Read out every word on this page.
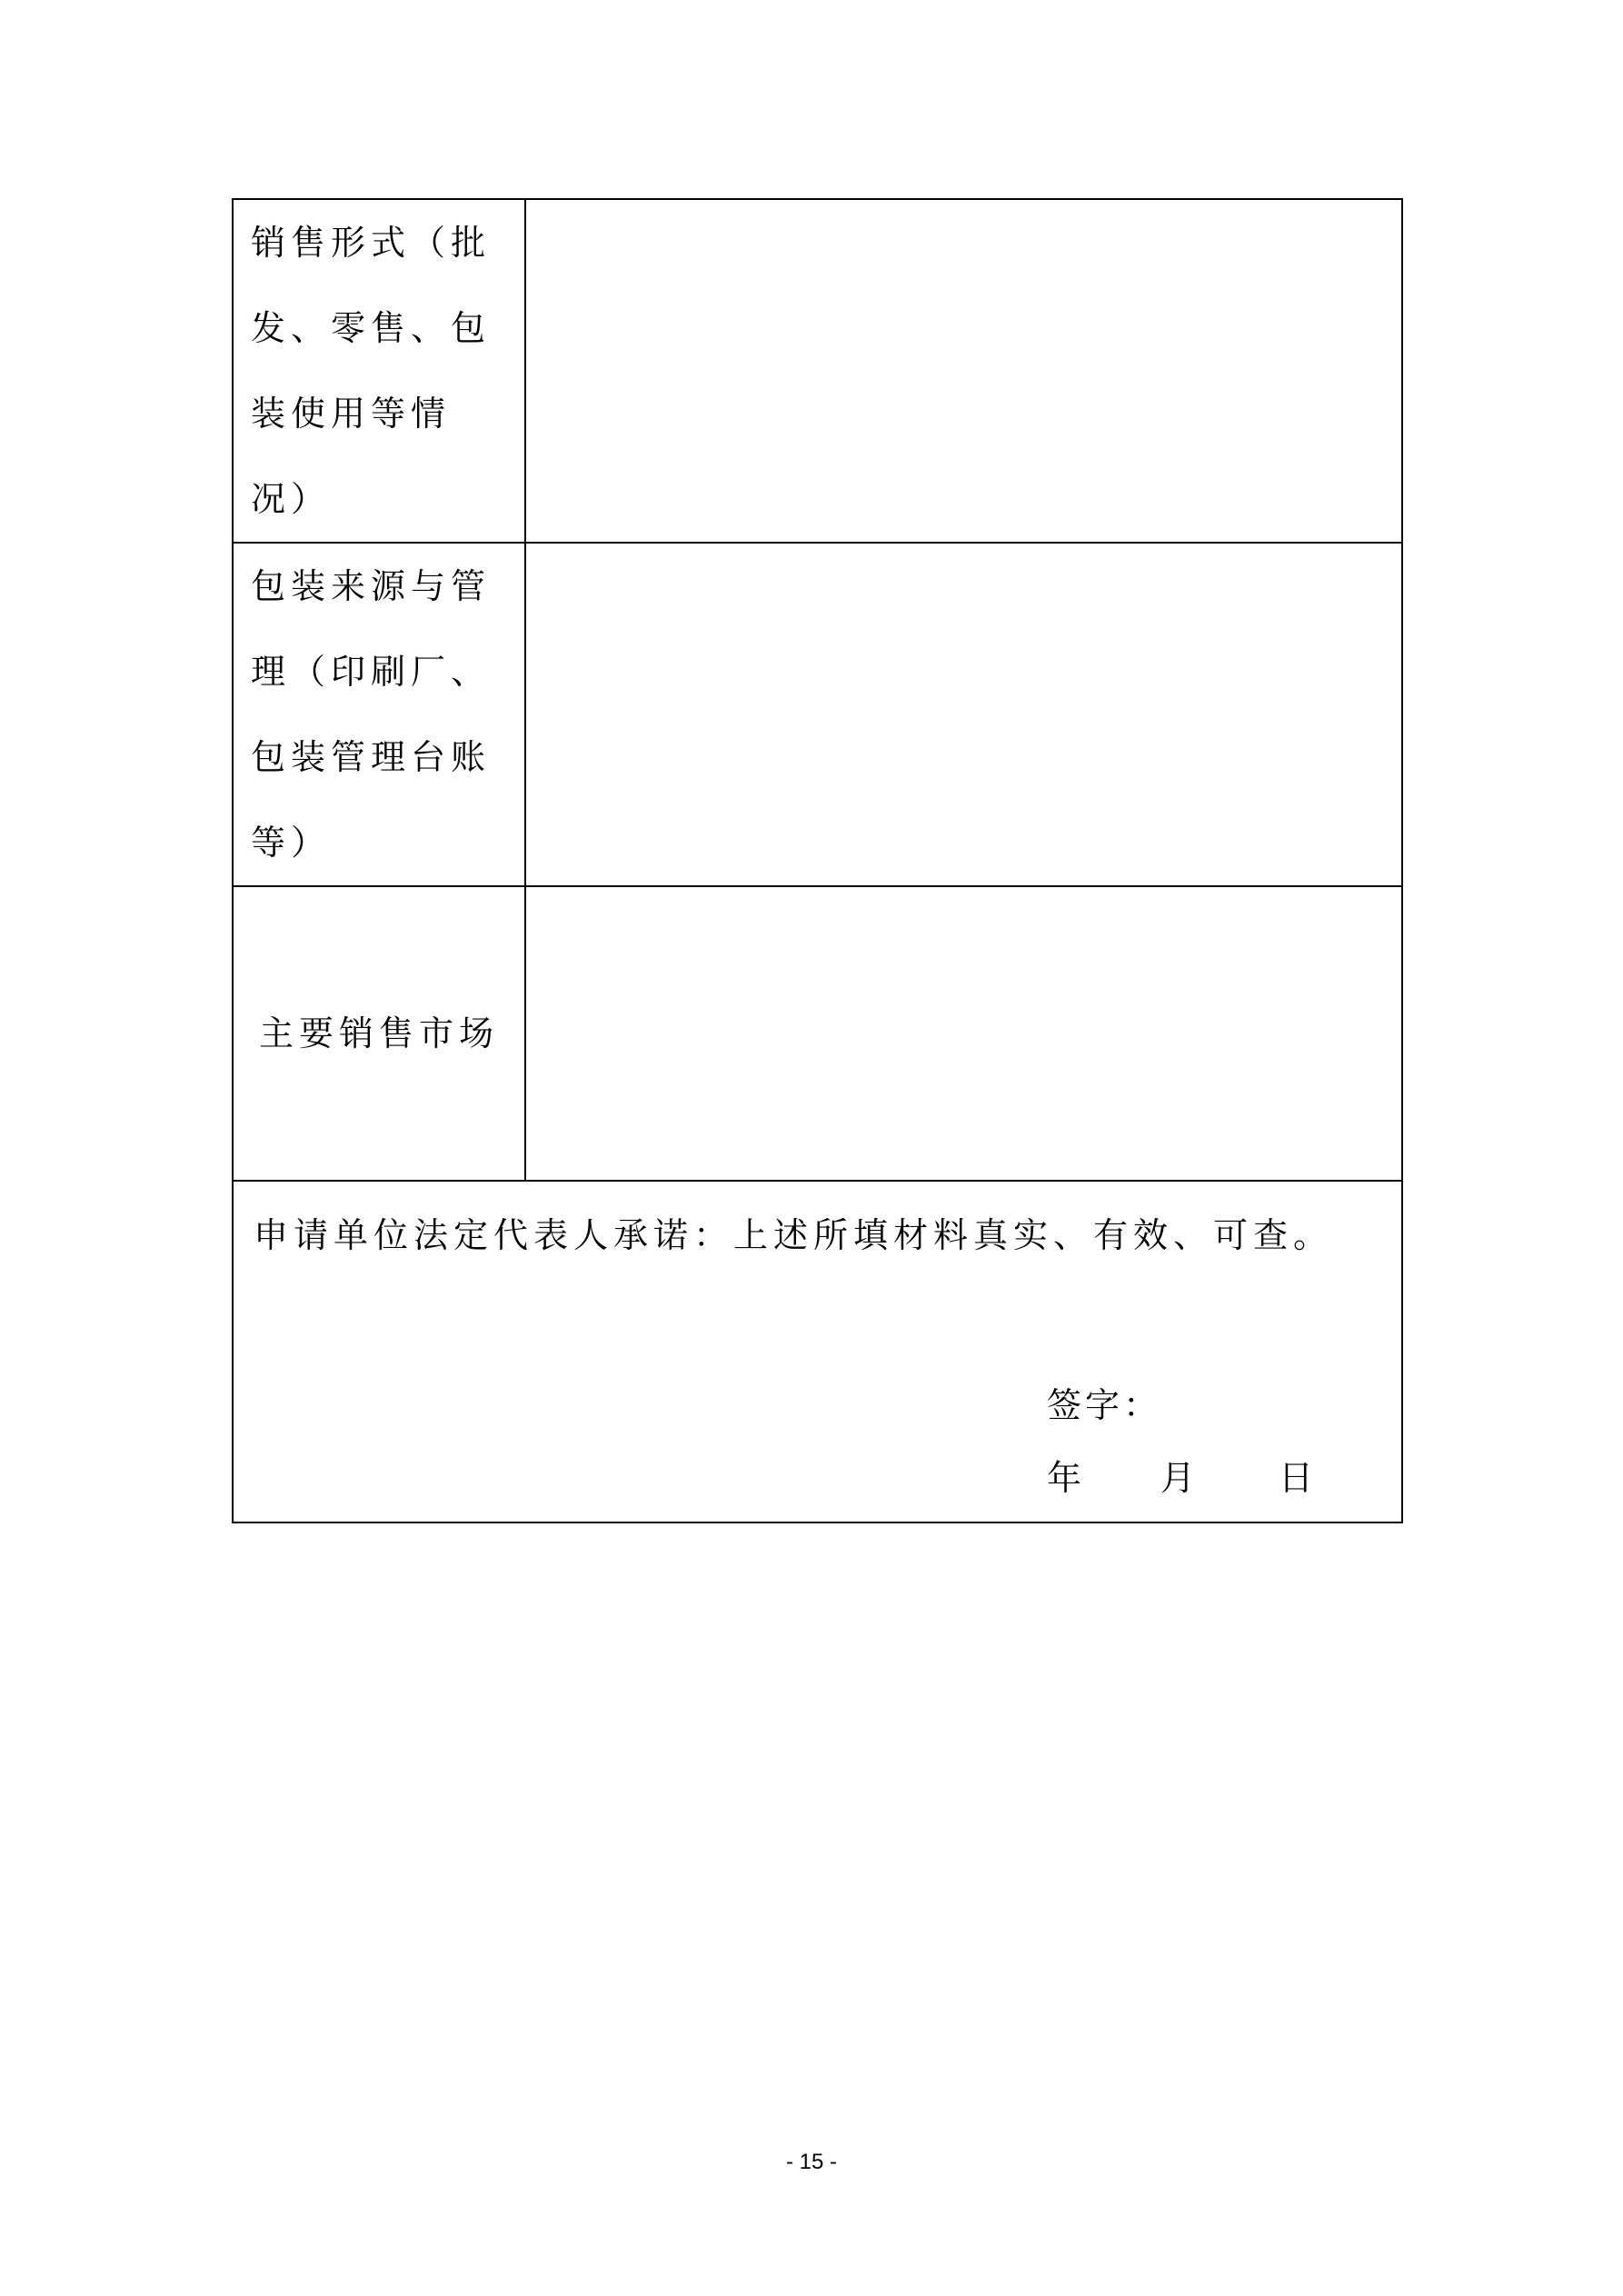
销售形式（批发、零售、包装使用等情况）	

包装来源与管理（印刷厂、包装管理台账等）	

主要销售市场	

申请单位法定代表人承诺：上述所填材料真实、有效、可查。
签字：
年 月 日	
- 15 -
